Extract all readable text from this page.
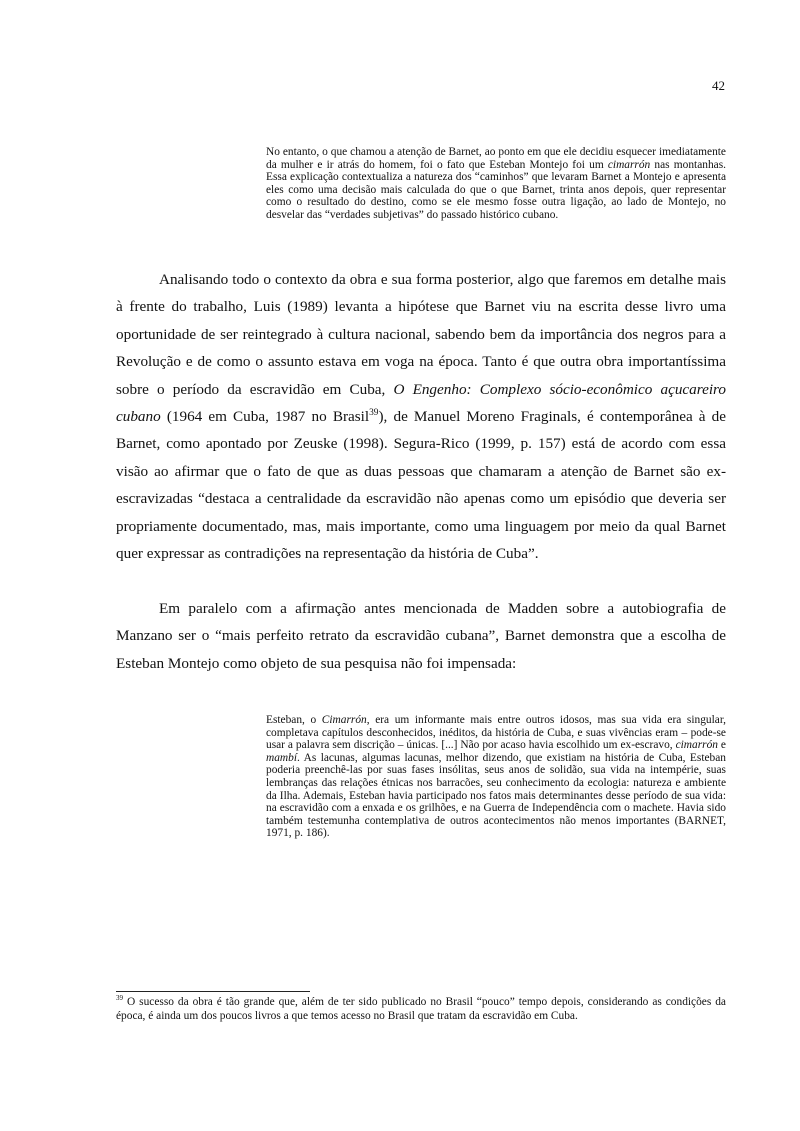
42
No entanto, o que chamou a atenção de Barnet, ao ponto em que ele decidiu esquecer imediatamente da mulher e ir atrás do homem, foi o fato que Esteban Montejo foi um cimarrón nas montanhas. Essa explicação contextualiza a natureza dos “caminhos” que levaram Barnet a Montejo e apresenta eles como uma decisão mais calculada do que o que Barnet, trinta anos depois, quer representar como o resultado do destino, como se ele mesmo fosse outra ligação, ao lado de Montejo, no desvelar das “verdades subjetivas” do passado histórico cubano.

Analisando todo o contexto da obra e sua forma posterior, algo que faremos em detalhe mais à frente do trabalho, Luis (1989) levanta a hipótese que Barnet viu na escrita desse livro uma oportunidade de ser reintegrado à cultura nacional, sabendo bem da importância dos negros para a Revolução e de como o assunto estava em voga na época. Tanto é que outra obra importantíssima sobre o período da escravidão em Cuba, O Engenho: Complexo sócio-econômico açucareiro cubano (1964 em Cuba, 1987 no Brasil$^{39}$), de Manuel Moreno Fraginals, é contemporânea à de Barnet, como apontado por Zeuske (1998). Segura-Rico (1999, p. 157) está de acordo com essa visão ao afirmar que o fato de que as duas pessoas que chamaram a atenção de Barnet são ex-escravizadas “destaca a centralidade da escravidão não apenas como um episódio que deveria ser propriamente documentado, mas, mais importante, como uma linguagem por meio da qual Barnet quer expressar as contradições na representação da história de Cuba”.

Em paralelo com a afirmação antes mencionada de Madden sobre a autobiografia de Manzano ser o “mais perfeito retrato da escravidão cubana”, Barnet demonstra que a escolha de Esteban Montejo como objeto de sua pesquisa não foi impensada:

Esteban, o Cimarrón, era um informante mais entre outros idosos, mas sua vida era singular, completava capítulos desconhecidos, inéditos, da história de Cuba, e suas vivências eram – pode-se usar a palavra sem discrição – únicas. [...] Não por acaso havia escolhido um ex-escravo, cimarrón e mambí. As lacunas, algumas lacunas, melhor dizendo, que existiam na história de Cuba, Esteban poderia preenchê-las por suas fases insólitas, seus anos de solidão, sua vida na intempérie, suas lembranças das relações étnicas nos barracões, seu conhecimento da ecologia: natureza e ambiente da Ilha. Ademais, Esteban havia participado nos fatos mais determinantes desse período de sua vida: na escravidão com a enxada e os grilhões, e na Guerra de Independência com o machete. Havia sido também testemunha contemplativa de outros acontecimentos não menos importantes (BARNET, 1971, p. 186).
$^{39}$ O sucesso da obra é tão grande que, além de ter sido publicado no Brasil “pouco” tempo depois, considerando as condições da época, é ainda um dos poucos livros a que temos acesso no Brasil que tratam da escravidão em Cuba.
